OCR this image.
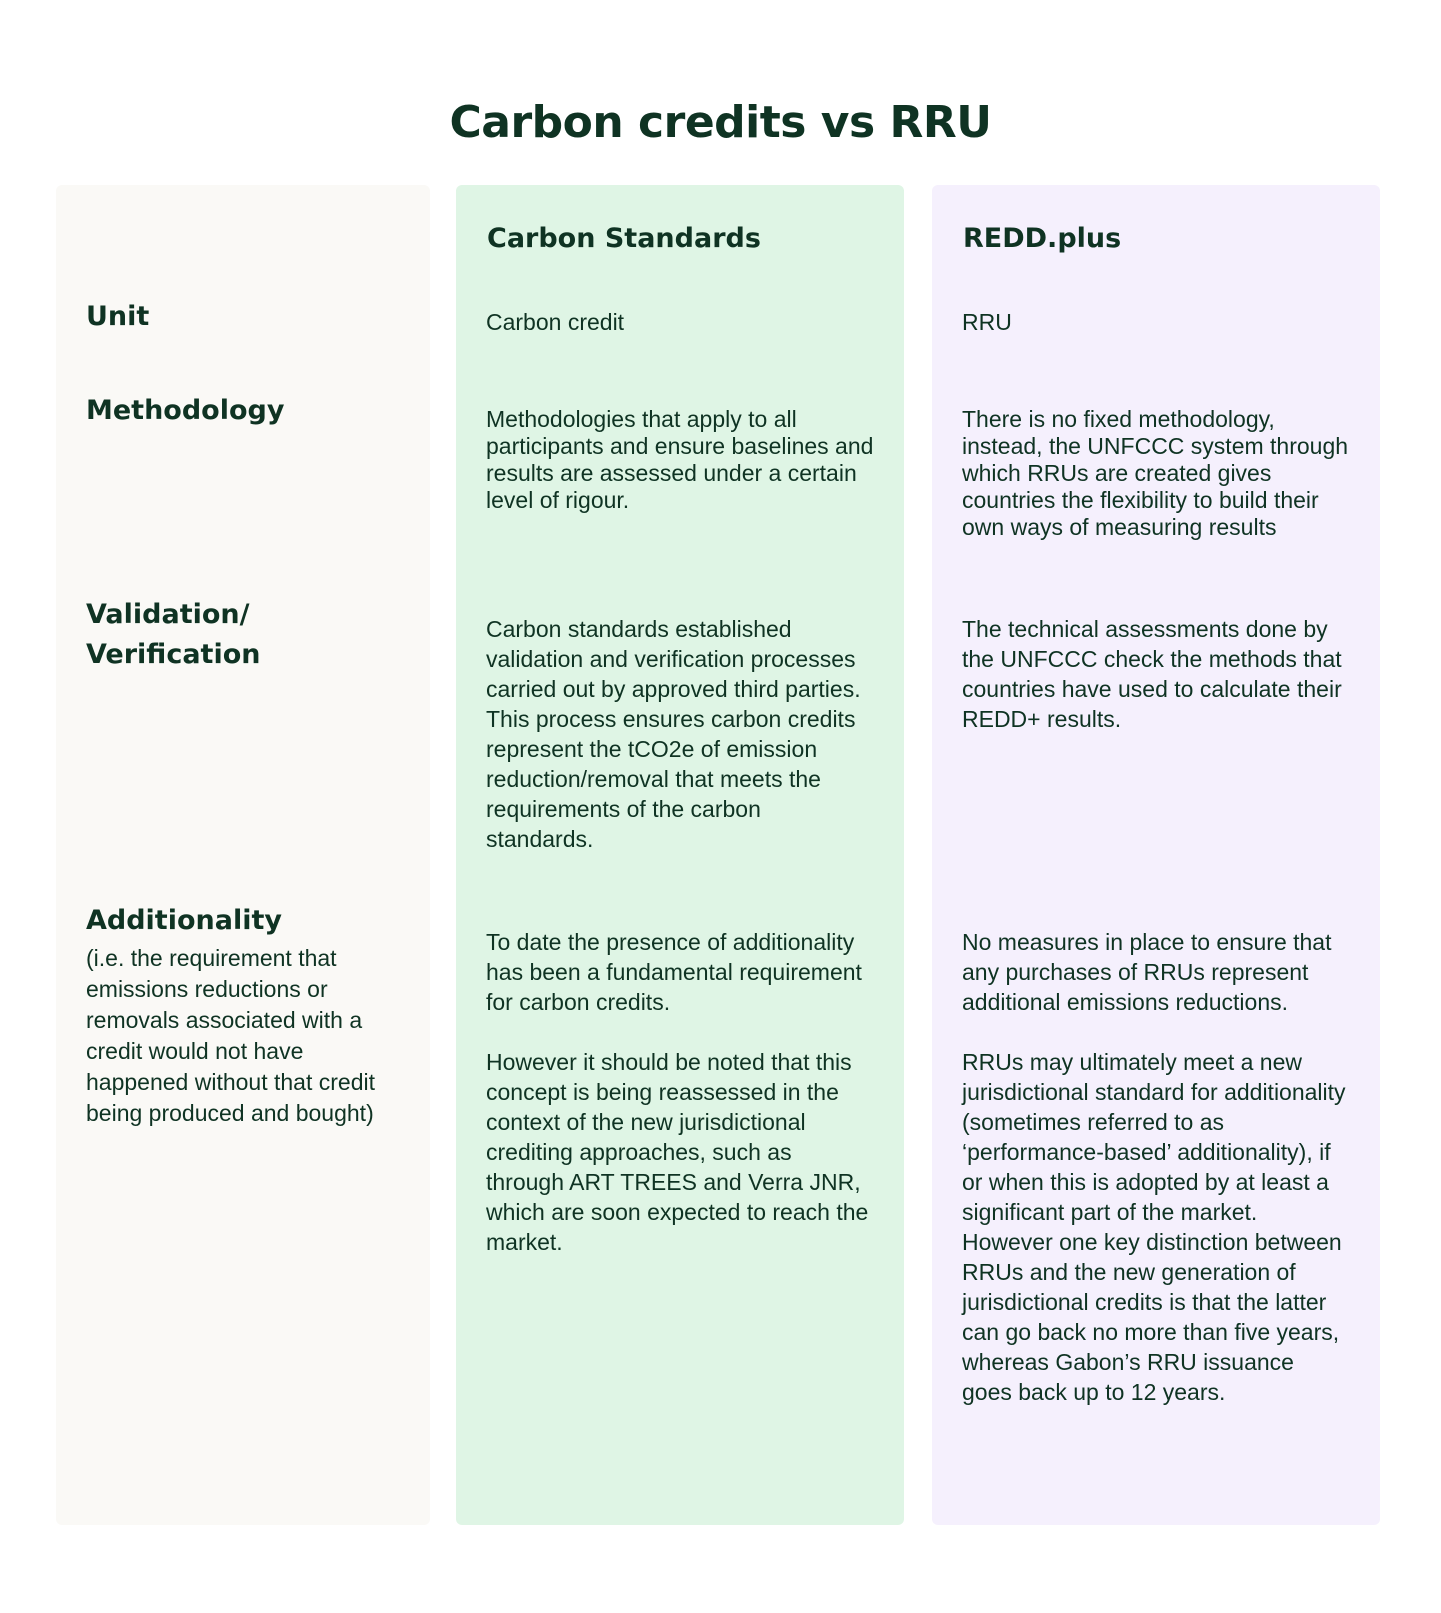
Carbon credits vs RRU
Unit
Methodology
Validation/ Verification
Additionality
(i.e. the requirement that emissions reductions or removals associated with a credit would not have happened without that credit being produced and bought)
Carbon Standards
Carbon credit
Methodologies that apply to all participants and ensure baselines and results are assessed under a certain level of rigour.
Carbon standards established validation and verification processes carried out by approved third parties. This process ensures carbon credits represent the tCO2e of emission reduction/removal that meets the requirements of the carbon standards.

To date the presence of additionality has been a fundamental requirement for carbon credits.

However it should be noted that this concept is being reassessed in the context of the new jurisdictional crediting approaches, such as through ART TREES and Verra JNR, which are soon expected to reach the market.

REDD.plus
RRU
There is no fixed methodology, instead, the UNFCCC system through which RRUs are created gives countries the flexibility to build their own ways of measuring results
The technical assessments done by the UNFCCC check the methods that countries have used to calculate their REDD+ results.

No measures in place to ensure that any purchases of RRUs represent additional emissions reductions.

RRUs may ultimately meet a new jurisdictional standard for additionality (sometimes referred to as ‘performance-based’ additionality), if or when this is adopted by at least a significant part of the market. However one key distinction between RRUs and the new generation of jurisdictional credits is that the latter can go back no more than five years, whereas Gabon’s RRU issuance goes back up to 12 years.
